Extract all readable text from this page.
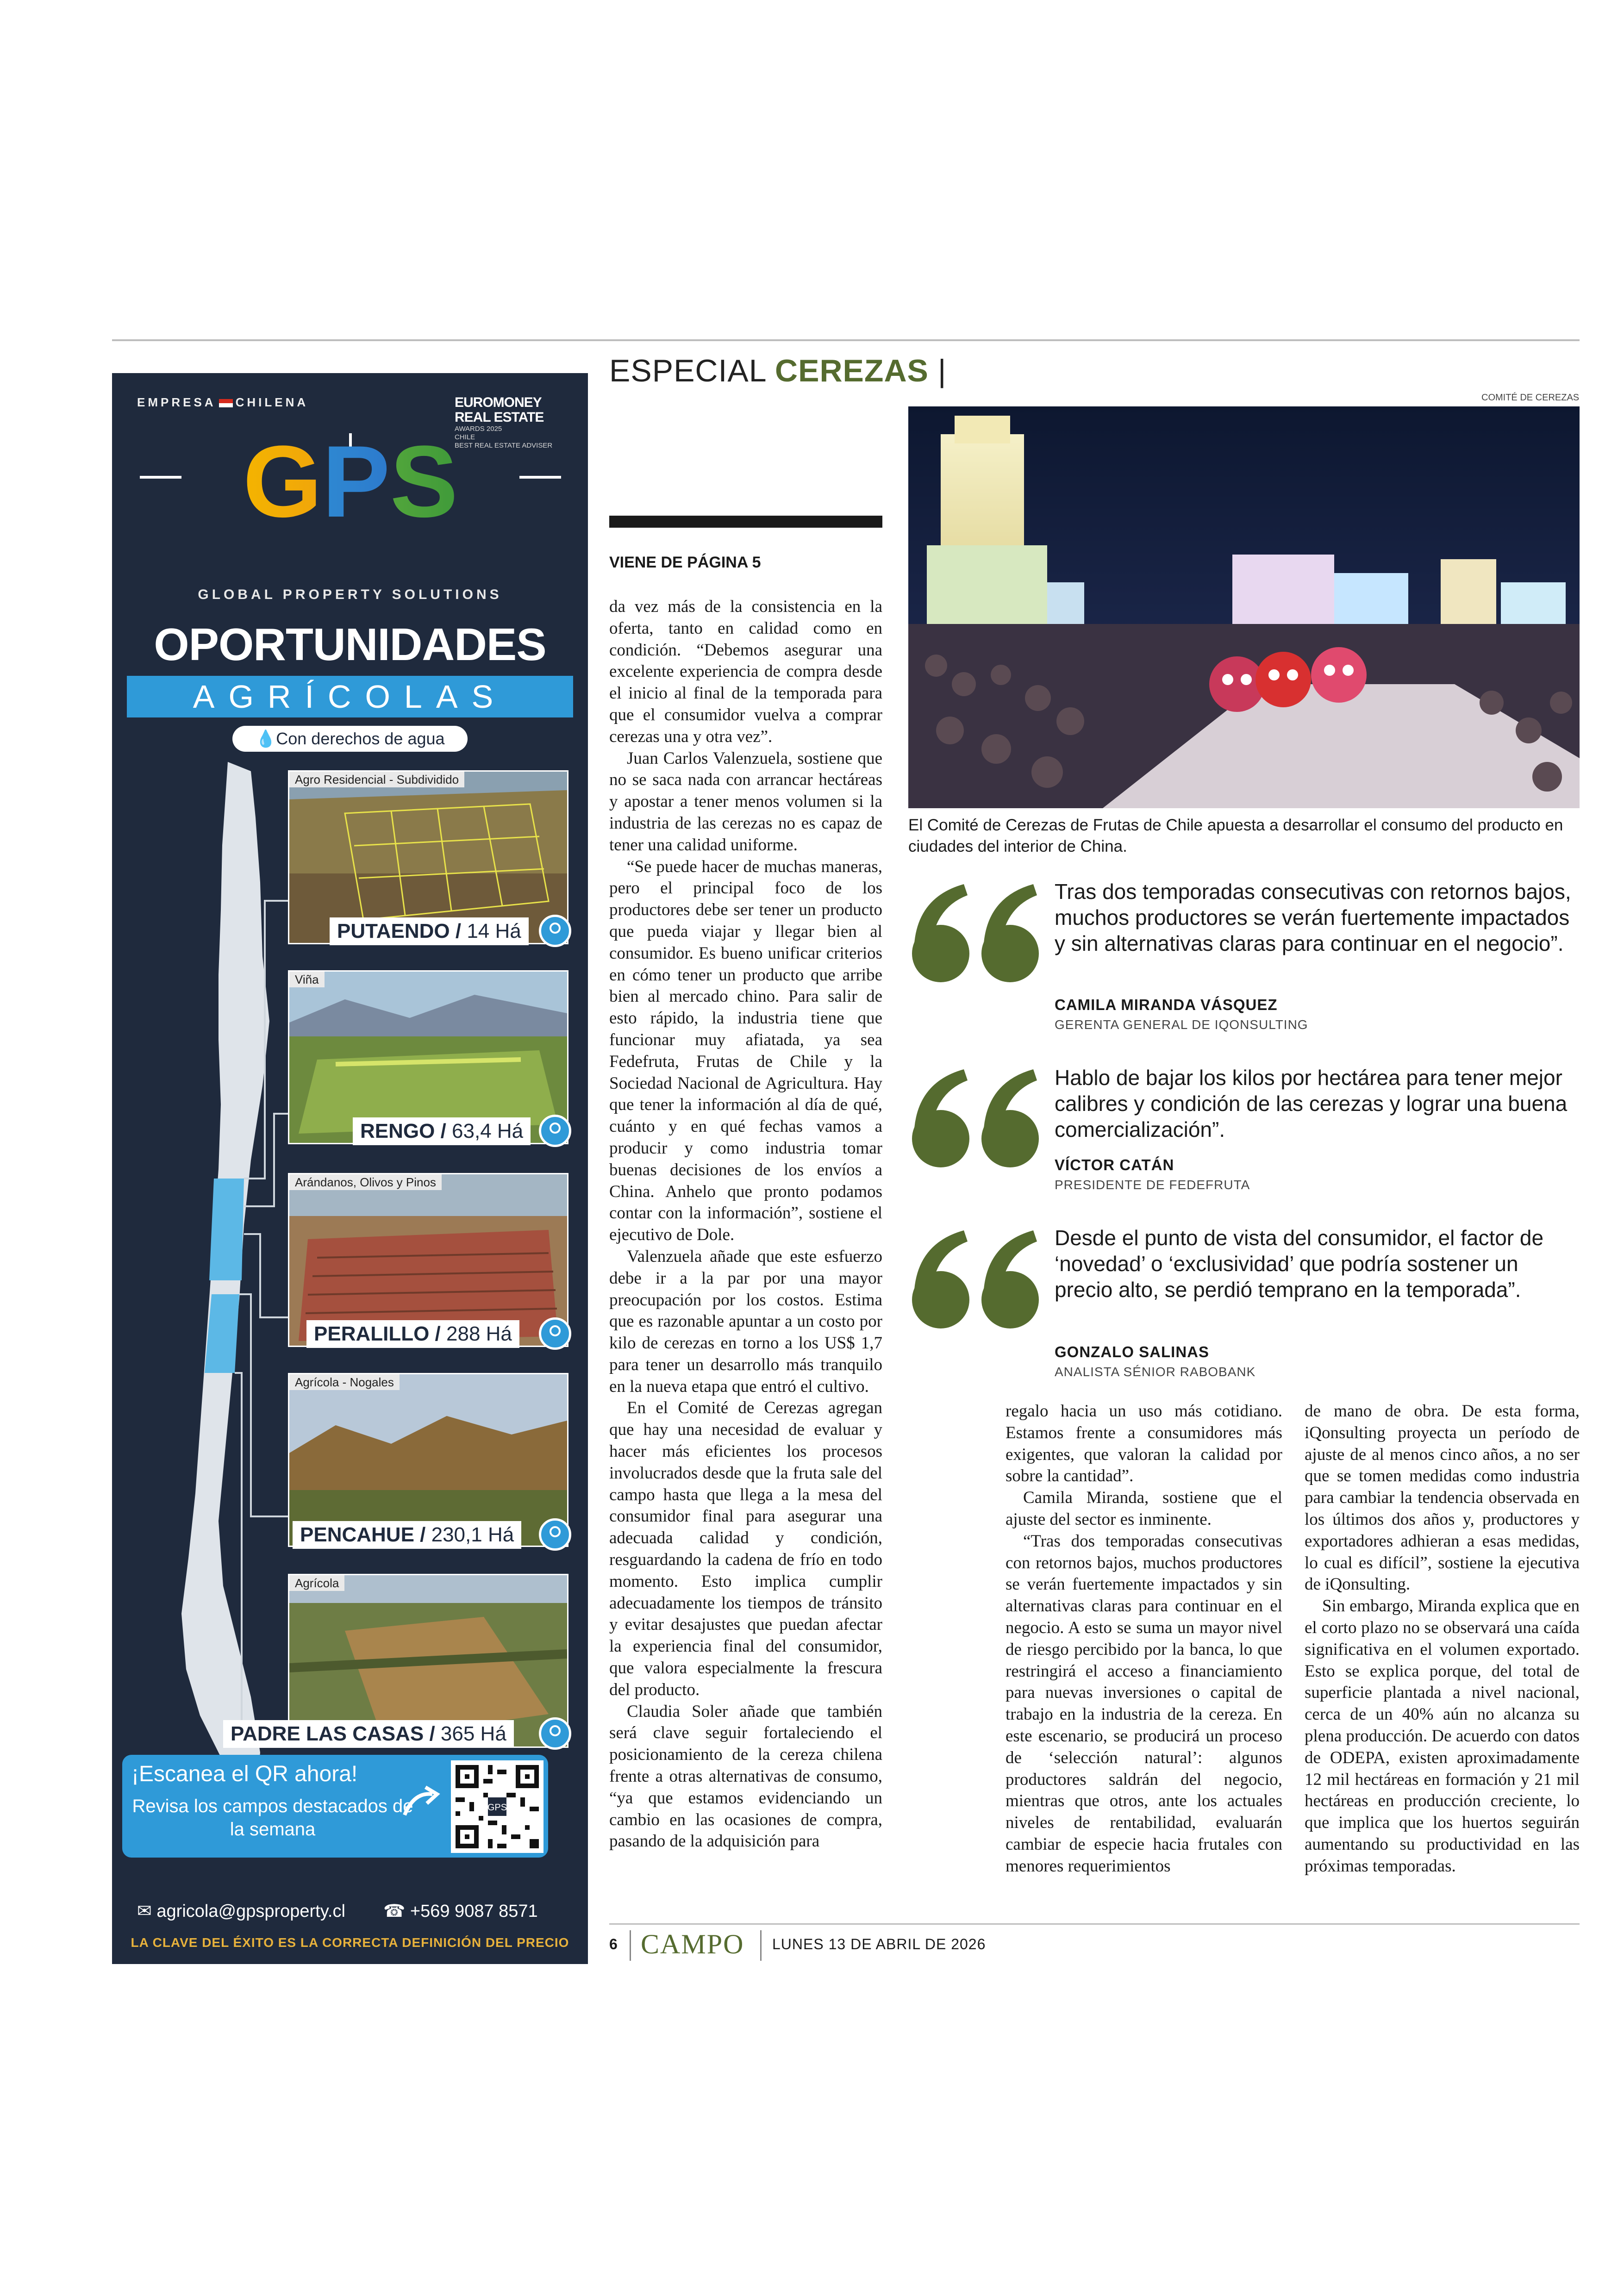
EMPRESA CHILENA	EUROMONEY
REAL ESTATE
AWARDS 2025
CHILE
BEST REAL ESTATE ADVISER
GPS
GLOBAL PROPERTY SOLUTIONS
OPORTUNIDADES
AGRÍCOLAS
💧Con derechos de agua
Agro Residencial - Subdividido
PUTAENDO / 14 Há
Viña
RENGO / 63,4 Há
Arándanos, Olivos y Pinos
PERALILLO / 288 Há
Agrícola - Nogales
PENCAHUE / 230,1 Há
Agrícola
PADRE LAS CASAS / 365 Há
¡Escanea el QR ahora!
Revisa los campos destacados de la semana
GPS
✉ agricola@gpsproperty.cl ☎ +569 9087 8571
LA CLAVE DEL ÉXITO ES LA CORRECTA DEFINICIÓN DEL PRECIO
ESPECIAL CEREZAS |
COMITÉ DE CEREZAS
VIENE DE PÁGINA 5
El Comité de Cerezas de Frutas de Chile apuesta a desarrollar el consumo del producto en ciudades del interior de China.
Tras dos temporadas consecutivas con retornos bajos, muchos productores se verán fuertemente impactados y sin alternativas claras para continuar en el negocio”.
CAMILA MIRANDA VÁSQUEZ
GERENTA GENERAL DE IQONSULTING
Hablo de bajar los kilos por hectárea para tener mejor calibres y condición de las cerezas y lograr una buena comercialización”.
VÍCTOR CATÁN
PRESIDENTE DE FEDEFRUTA
Desde el punto de vista del consumidor, el factor de ‘novedad’ o ‘exclusividad’ que podría sostener un precio alto, se perdió temprano en la temporada”.
GONZALO SALINAS
ANALISTA SÉNIOR RABOBANK

da vez más de la consistencia en la oferta, tanto en calidad como en condición. “Debemos asegurar una excelente experiencia de compra desde el inicio al final de la temporada para que el consumidor vuelva a comprar cerezas una y otra vez”.

Juan Carlos Valenzuela, sostiene que no se saca nada con arrancar hectáreas y apostar a tener menos volumen si la industria de las cerezas no es capaz de tener una calidad uniforme.

“Se puede hacer de muchas maneras, pero el principal foco de los productores debe ser tener un producto que pueda viajar y llegar bien al consumidor. Es bueno unificar criterios en cómo tener un producto que arribe bien al mercado chino. Para salir de esto rápido, la industria tiene que funcionar muy afiatada, ya sea Fedefruta, Frutas de Chile y la Sociedad Nacional de Agricultura. Hay que tener la información al día de qué, cuánto y en qué fechas vamos a producir y como industria tomar buenas decisiones de los envíos a China. Anhelo que pronto podamos contar con la información”, sostiene el ejecutivo de Dole.

Valenzuela añade que este esfuerzo debe ir a la par por una mayor preocupación por los costos. Estima que es razonable apuntar a un costo por kilo de cerezas en torno a los US$ 1,7 para tener un desarrollo más tranquilo en la nueva etapa que entró el cultivo.

En el Comité de Cerezas agregan que hay una necesidad de evaluar y hacer más eficientes los procesos involucrados desde que la fruta sale del campo hasta que llega a la mesa del consumidor final para asegurar una adecuada calidad y condición, resguardando la cadena de frío en todo momento. Esto implica cumplir adecuadamente los tiempos de tránsito y evitar desajustes que puedan afectar la experiencia final del consumidor, que valora especialmente la frescura del producto.

Claudia Soler añade que también será clave seguir fortaleciendo el posicionamiento de la cereza chilena frente a otras alternativas de consumo, “ya que estamos evidenciando un cambio en las ocasiones de compra, pasando de la adquisición para

regalo hacia un uso más cotidiano. Estamos frente a consumidores más exigentes, que valoran la calidad por sobre la cantidad”.

Camila Miranda, sostiene que el ajuste del sector es inminente.

“Tras dos temporadas consecutivas con retornos bajos, muchos productores se verán fuertemente impactados y sin alternativas claras para continuar en el negocio. A esto se suma un mayor nivel de riesgo percibido por la banca, lo que restringirá el acceso a financiamiento para nuevas inversiones o capital de trabajo en la industria de la cereza. En este escenario, se producirá un proceso de ‘selección natural’: algunos productores saldrán del negocio, mientras que otros, ante los actuales niveles de rentabilidad, evaluarán cambiar de especie hacia frutales con menores requerimientos

de mano de obra. De esta forma, iQonsulting proyecta un período de ajuste de al menos cinco años, a no ser que se tomen medidas como industria para cambiar la tendencia observada en los últimos dos años y, productores y exportadores adhieran a esas medidas, lo cual es difícil”, sostiene la ejecutiva de iQonsulting.

Sin embargo, Miranda explica que en el corto plazo no se observará una caída significativa en el volumen exportado. Esto se explica porque, del total de superficie plantada a nivel nacional, cerca de un 40% aún no alcanza su plena producción. De acuerdo con datos de ODEPA, existen aproximadamente 12 mil hectáreas en formación y 21 mil hectáreas en producción creciente, lo que implica que los huertos seguirán aumentando su productividad en las próximas temporadas.

6 CAMPO LUNES 13 DE ABRIL DE 2026
